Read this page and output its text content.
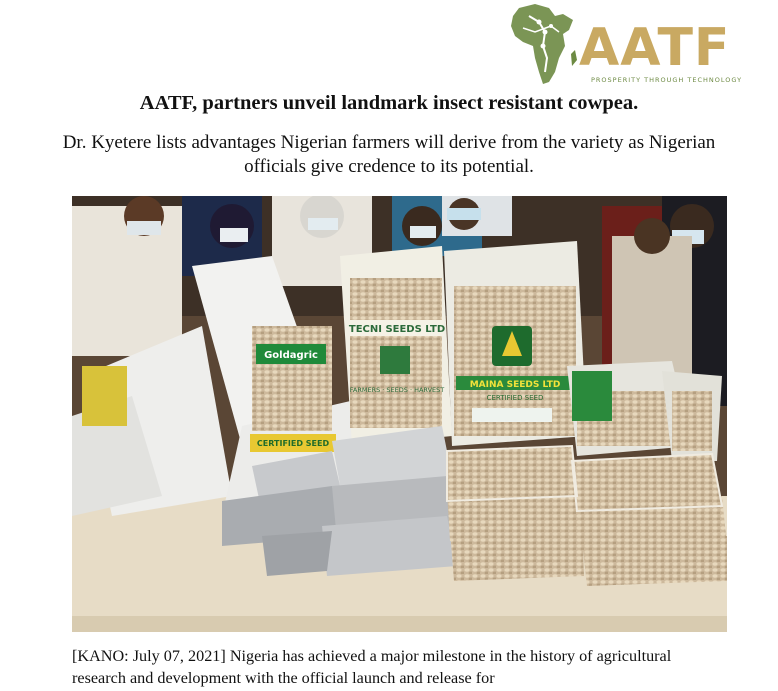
AATF
PROSPERITY THROUGH TECHNOLOGY
AATF, partners unveil landmark insect resistant cowpea.
Dr. Kyetere lists advantages Nigerian farmers will derive from the variety as Nigerian officials give credence to its potential.
Goldagric
CERTIFIED SEED
TECNI SEEDS LTD
FARMERS · SEEDS · HARVEST	MAINA SEEDS LTD
CERTIFIED SEED
[KANO: July 07, 2021] Nigeria has achieved a major milestone in the history of agricultural research and development with the official launch and release for
